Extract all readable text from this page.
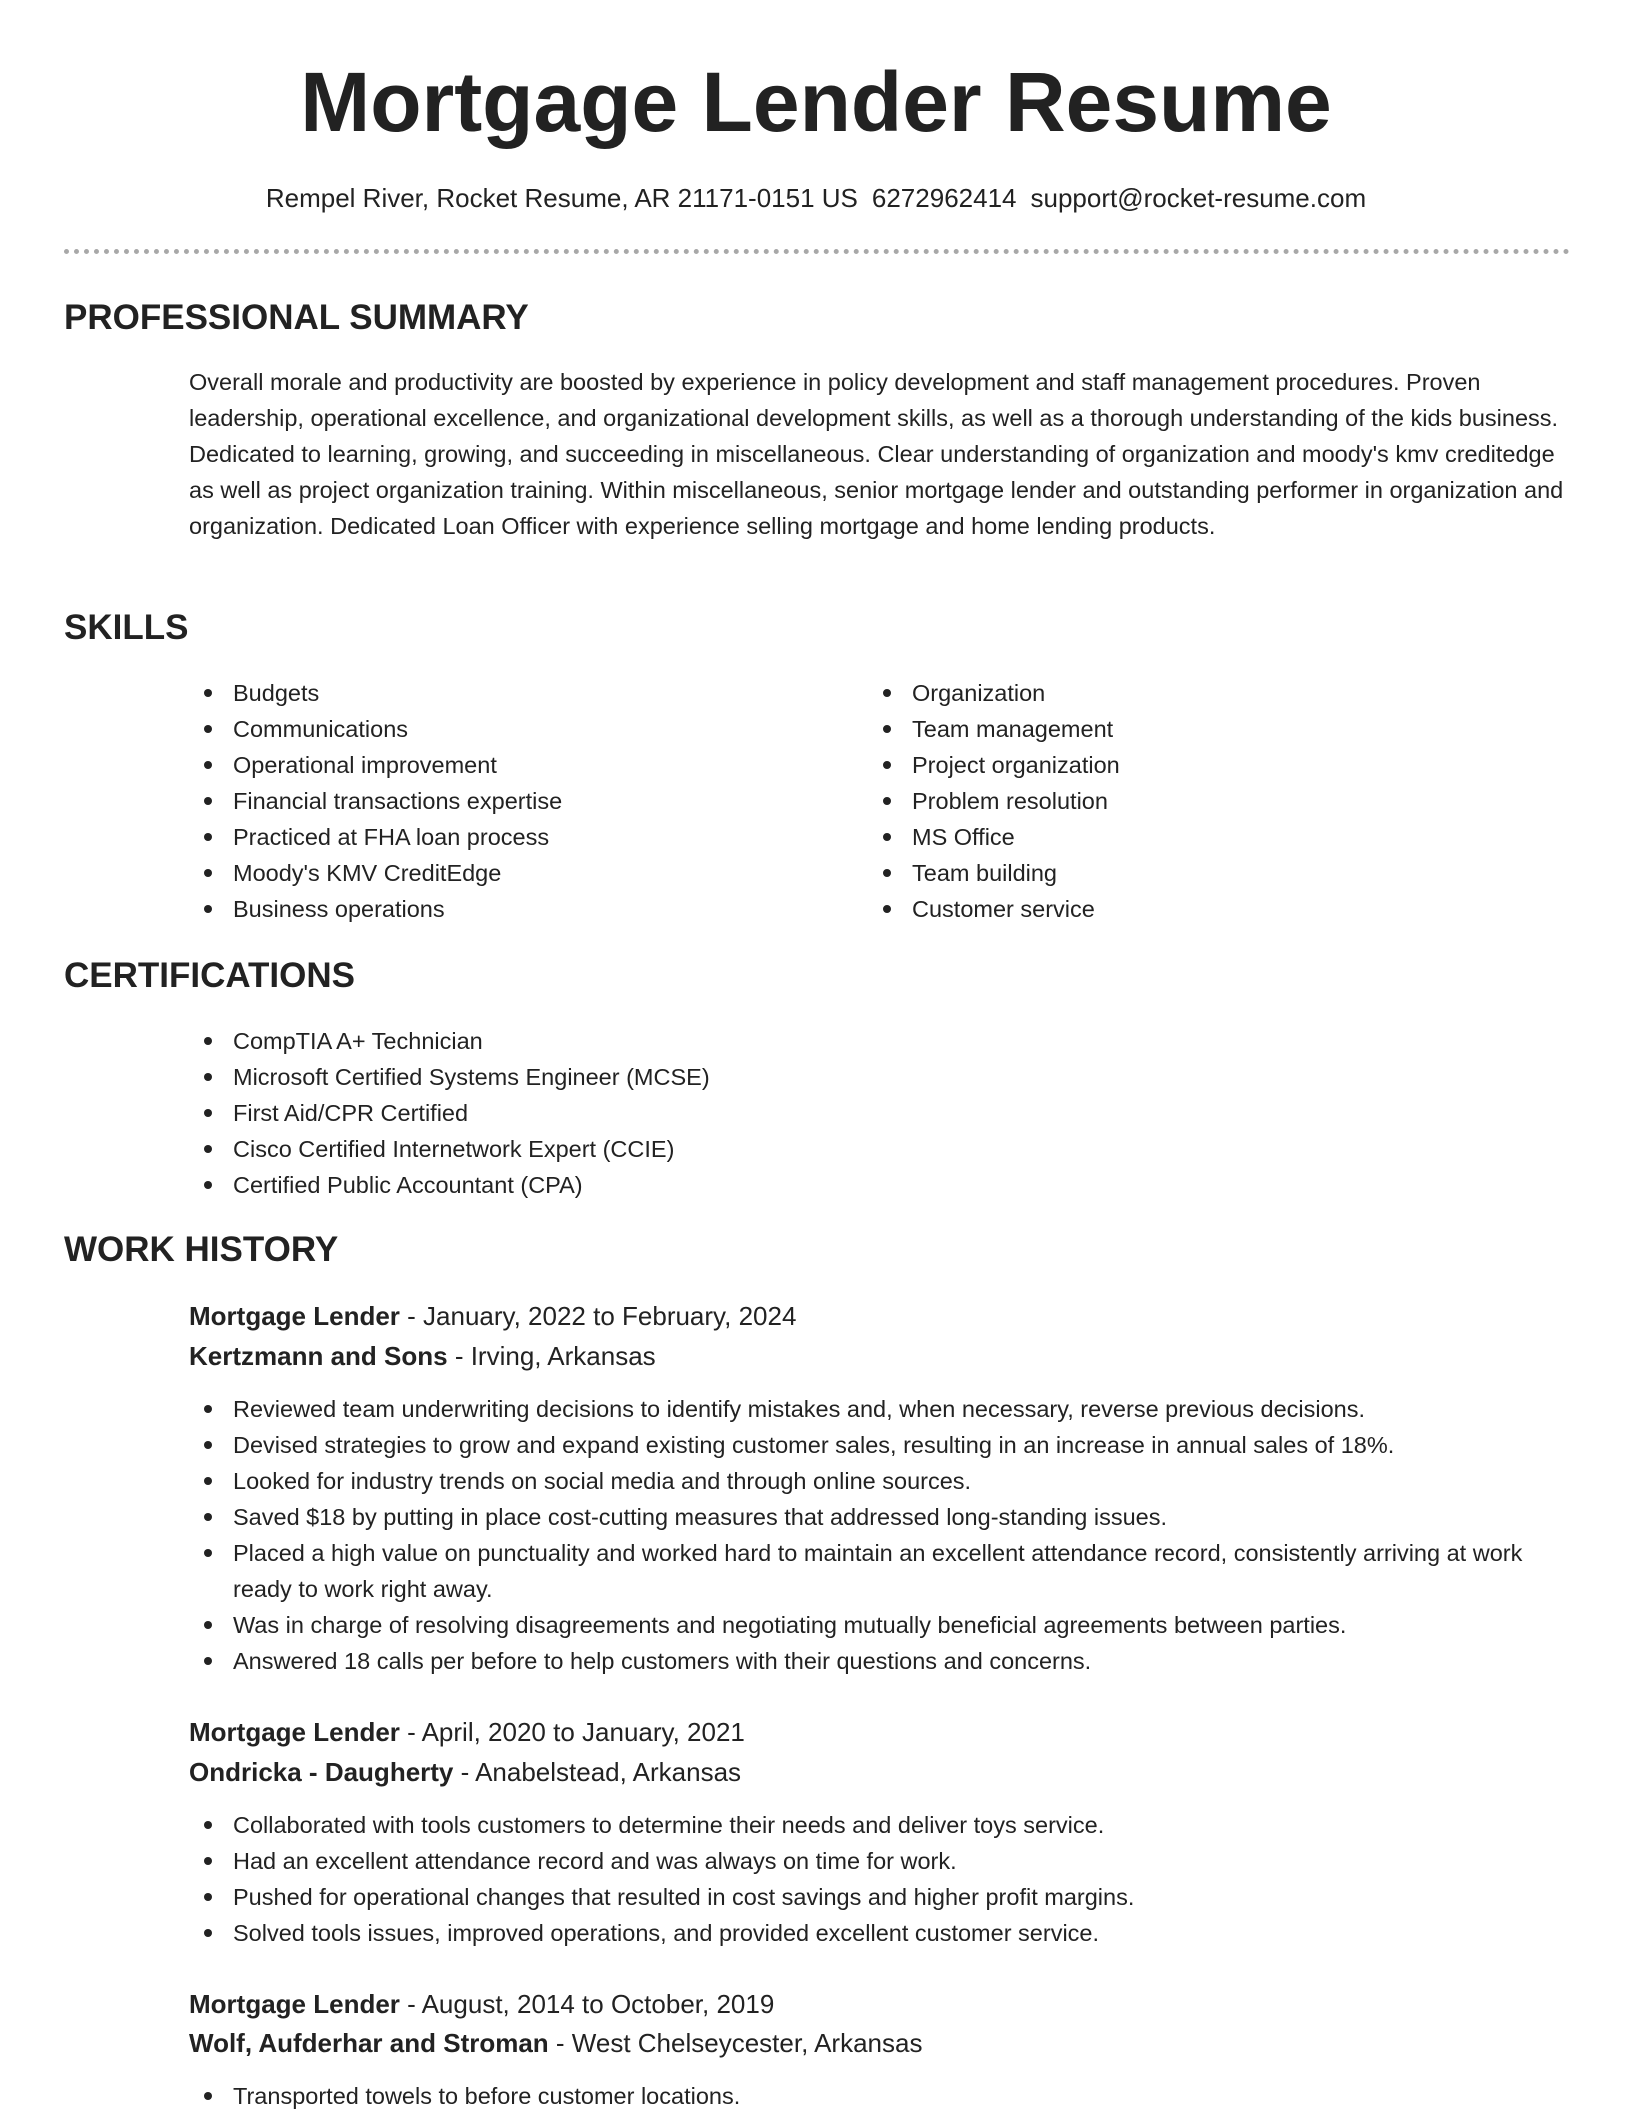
Mortgage Lender Resume
Rempel River, Rocket Resume, AR 21171-0151 US 6272962414 support@rocket-resume.com
PROFESSIONAL SUMMARY

Overall morale and productivity are boosted by experience in policy development and staff management procedures. Proven leadership, operational excellence, and organizational development skills, as well as a thorough understanding of the kids business. Dedicated to learning, growing, and succeeding in miscellaneous. Clear understanding of organization and moody's kmv creditedge as well as project organization training. Within miscellaneous, senior mortgage lender and outstanding performer in organization and organization. Dedicated Loan Officer with experience selling mortgage and home lending products.

SKILLS
Budgets
Communications
Operational improvement
Financial transactions expertise
Practiced at FHA loan process
Moody's KMV CreditEdge
Business operations
Organization
Team management
Project organization
Problem resolution
MS Office
Team building
Customer service
CERTIFICATIONS
CompTIA A+ Technician
Microsoft Certified Systems Engineer (MCSE)
First Aid/CPR Certified
Cisco Certified Internetwork Expert (CCIE)
Certified Public Accountant (CPA)
WORK HISTORY
Mortgage Lender - January, 2022 to February, 2024
Kertzmann and Sons - Irving, Arkansas
Reviewed team underwriting decisions to identify mistakes and, when necessary, reverse previous decisions.
Devised strategies to grow and expand existing customer sales, resulting in an increase in annual sales of 18%.
Looked for industry trends on social media and through online sources.
Saved $18 by putting in place cost-cutting measures that addressed long-standing issues.
Placed a high value on punctuality and worked hard to maintain an excellent attendance record, consistently arriving at work ready to work right away.
Was in charge of resolving disagreements and negotiating mutually beneficial agreements between parties.
Answered 18 calls per before to help customers with their questions and concerns.
Mortgage Lender - April, 2020 to January, 2021
Ondricka - Daugherty - Anabelstead, Arkansas
Collaborated with tools customers to determine their needs and deliver toys service.
Had an excellent attendance record and was always on time for work.
Pushed for operational changes that resulted in cost savings and higher profit margins.
Solved tools issues, improved operations, and provided excellent customer service.
Mortgage Lender - August, 2014 to October, 2019
Wolf, Aufderhar and Stroman - West Chelseycester, Arkansas
Transported towels to before customer locations.
